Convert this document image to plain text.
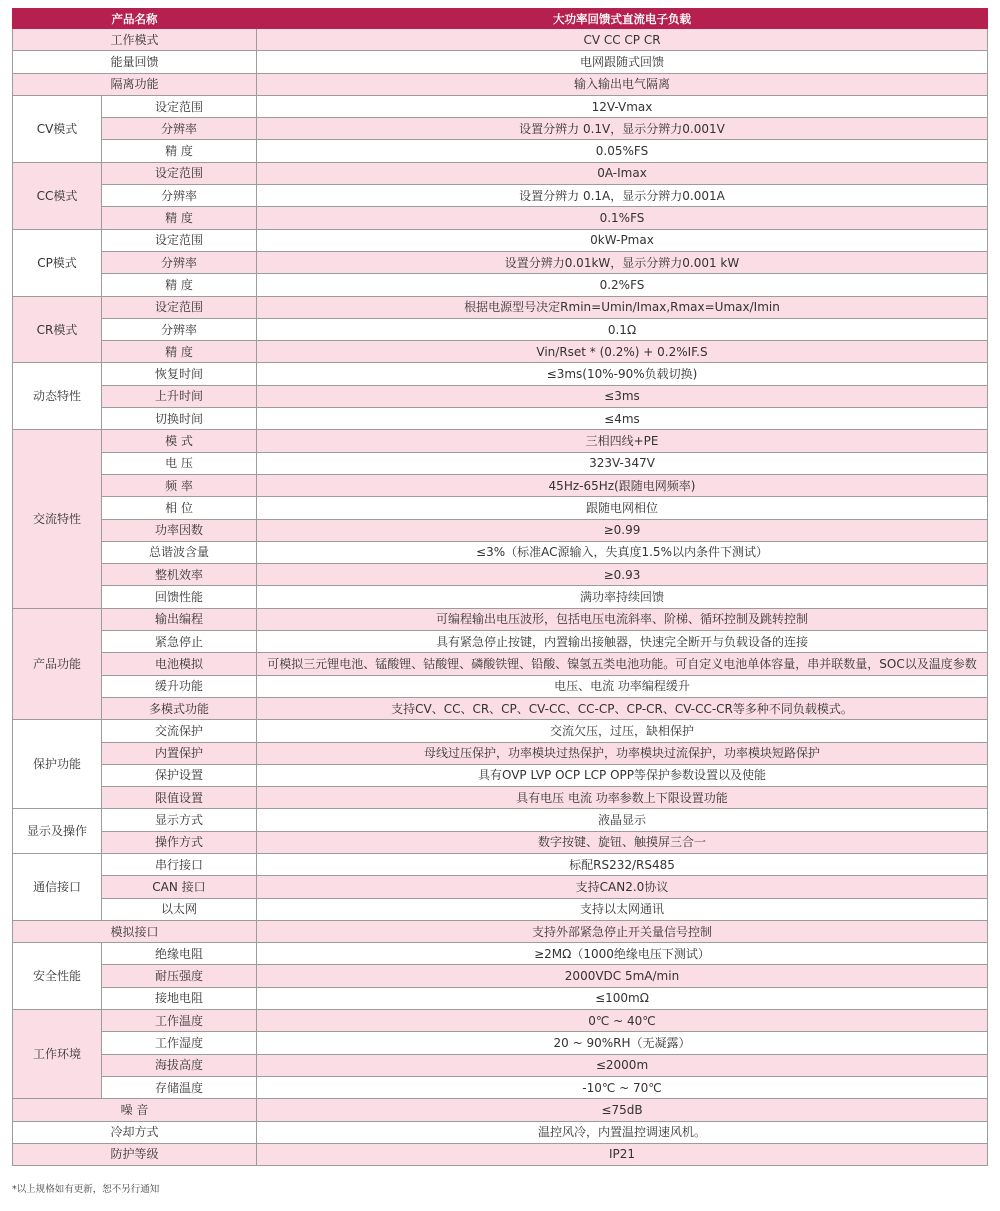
产品名称		大功率回馈式直流电子负载
工作模式		CV CC CP CR
能量回馈		电网跟随式回馈
隔离功能		输入输出电气隔离
CV模式	设定范围	12V-Vmax
	分辨率	设置分辨力 0.1V，显示分辨力0.001V
	精 度	0.05%FS
CC模式	设定范围	0A-Imax
	分辨率	设置分辨力 0.1A，显示分辨力0.001A
	精 度	0.1%FS
CP模式	设定范围	0kW-Pmax
	分辨率	设置分辨力0.01kW，显示分辨力0.001 kW
	精 度	0.2%FS
CR模式	设定范围	根据电源型号决定Rmin=Umin/Imax,Rmax=Umax/Imin
	分辨率	0.1Ω
	精 度	Vin/Rset * (0.2%) + 0.2%IF.S
动态特性	恢复时间	≤3ms(10%-90%负载切换)
	上升时间	≤3ms
	切换时间	≤4ms
交流特性	模 式	三相四线+PE
	电 压	323V-347V
	频 率	45Hz-65Hz(跟随电网频率)
	相 位	跟随电网相位
	功率因数	≥0.99
	总谐波含量	≤3%（标准AC源输入，失真度1.5%以内条件下测试）
	整机效率	≥0.93
	回馈性能	满功率持续回馈
产品功能	输出编程	可编程输出电压波形，包括电压电流斜率、阶梯、循环控制及跳转控制
	紧急停止	具有紧急停止按键，内置输出接触器，快速完全断开与负载设备的连接
	电池模拟	可模拟三元锂电池、锰酸锂、钴酸锂、磷酸铁锂、铅酸、镍氢五类电池功能。可自定义电池单体容量，串并联数量，SOC以及温度参数
	缓升功能	电压、电流 功率编程缓升
	多模式功能	支持CV、CC、CR、CP、CV-CC、CC-CP、CP-CR、CV-CC-CR等多种不同负载模式。
保护功能	交流保护	交流欠压，过压，缺相保护
	内置保护	母线过压保护，功率模块过热保护，功率模块过流保护，功率模块短路保护
	保护设置	具有OVP LVP OCP LCP OPP等保护参数设置以及使能
	限值设置	具有电压 电流 功率参数上下限设置功能
显示及操作	显示方式	液晶显示
	操作方式	数字按键、旋钮、触摸屏三合一
通信接口	串行接口	标配RS232/RS485
	CAN 接口	支持CAN2.0协议
	以太网	支持以太网通讯
模拟接口		支持外部紧急停止开关量信号控制
安全性能	绝缘电阻	≥2MΩ（1000绝缘电压下测试）
	耐压强度	2000VDC 5mA/min
	接地电阻	≤100mΩ
工作环境	工作温度	0℃ ~ 40℃
	工作湿度	20 ~ 90%RH（无凝露）
	海拔高度	≤2000m
	存储温度	-10℃ ~ 70℃
噪 音		≤75dB
冷却方式		温控风冷，内置温控调速风机。
防护等级		IP21
*以上规格如有更新，恕不另行通知
